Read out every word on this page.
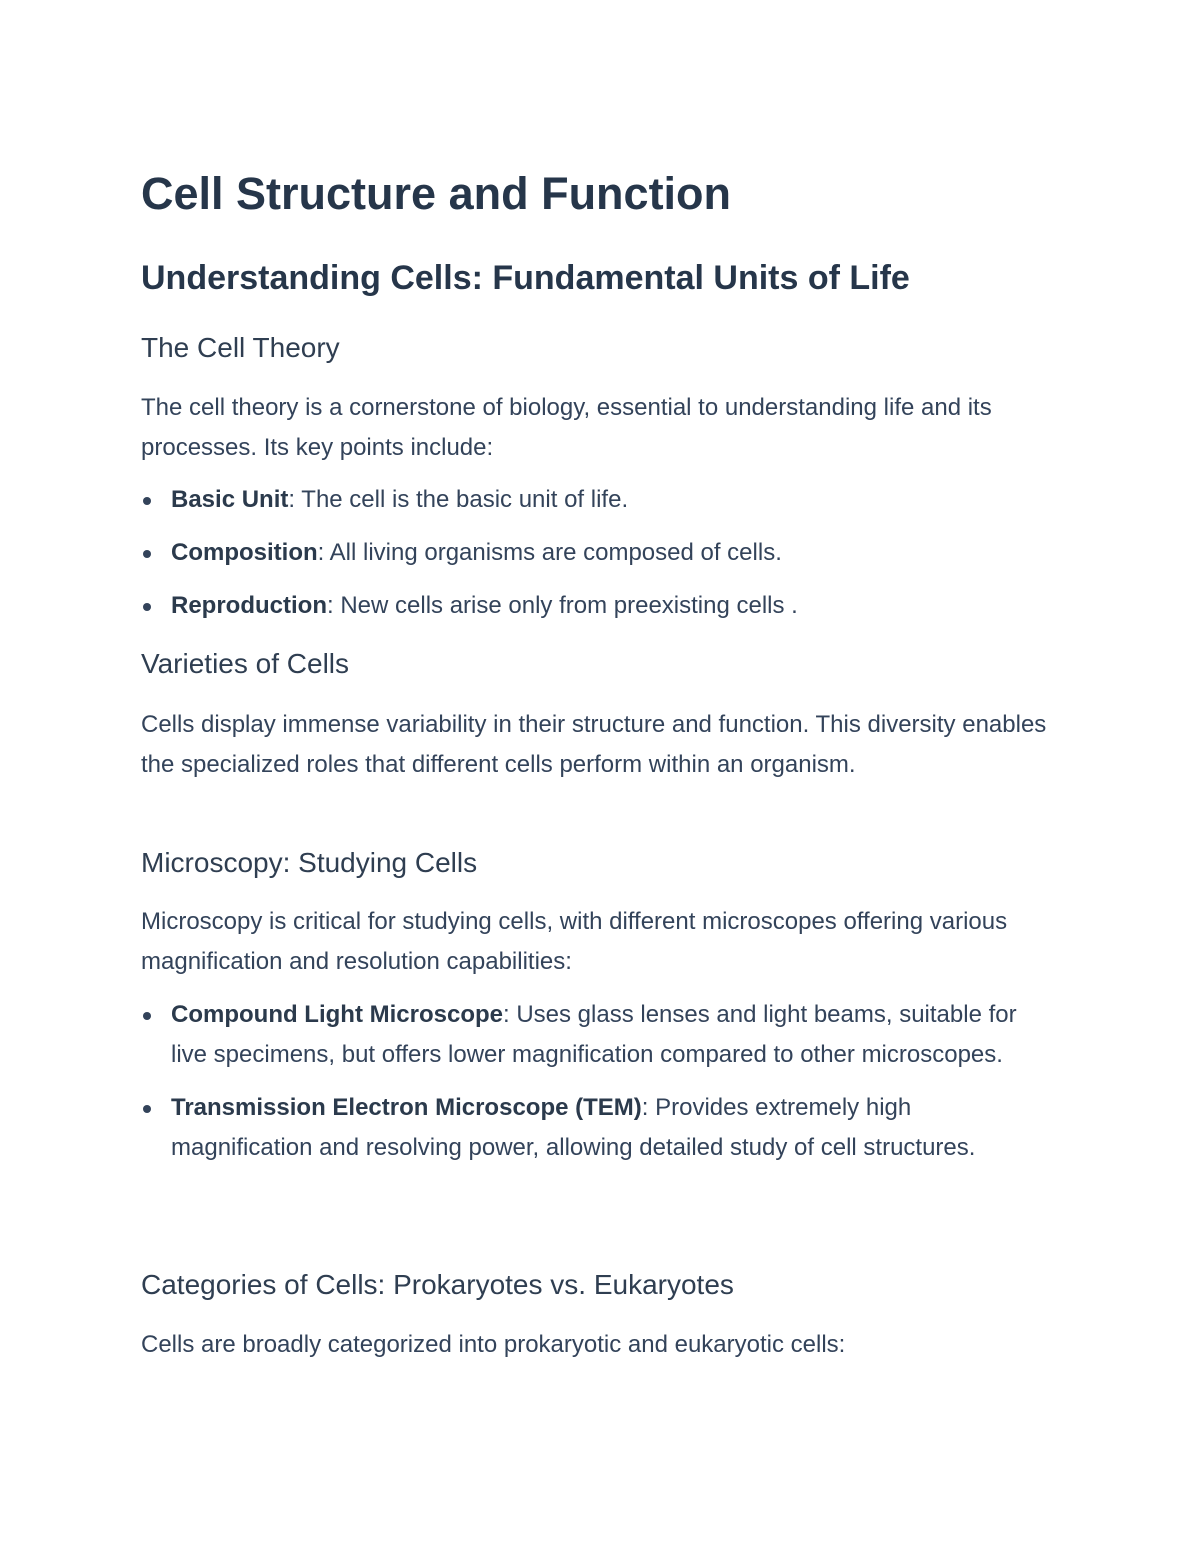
Cell Structure and Function
Understanding Cells: Fundamental Units of Life
The Cell Theory

The cell theory is a cornerstone of biology, essential to understanding life and its processes. Its key points include:

Basic Unit: The cell is the basic unit of life.
Composition: All living organisms are composed of cells.
Reproduction: New cells arise only from preexisting cells .
Varieties of Cells

Cells display immense variability in their structure and function. This diversity enables the specialized roles that different cells perform within an organism.

Microscopy: Studying Cells

Microscopy is critical for studying cells, with different microscopes offering various magnification and resolution capabilities:

Compound Light Microscope: Uses glass lenses and light beams, suitable for live specimens, but offers lower magnification compared to other microscopes.
Transmission Electron Microscope (TEM): Provides extremely high magnification and resolving power, allowing detailed study of cell structures.
Categories of Cells: Prokaryotes vs. Eukaryotes

Cells are broadly categorized into prokaryotic and eukaryotic cells:
